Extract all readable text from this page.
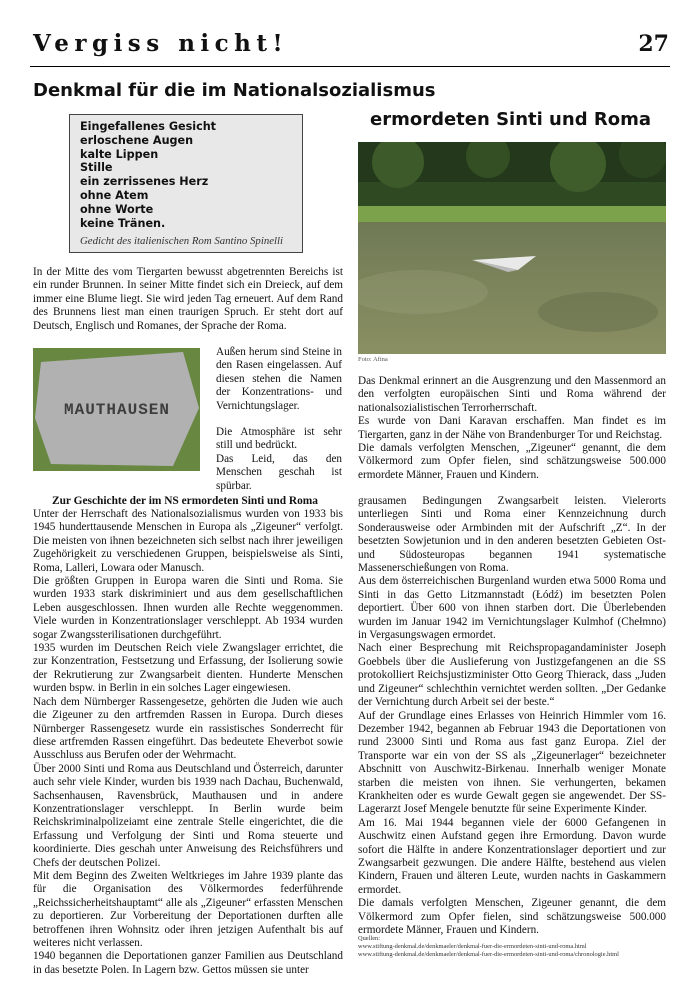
Vergiss nicht!	27
Denkmal für die im Nationalsozialismus
ermordeten Sinti und Roma
Eingefallenes Gesicht
erloschene Augen
kalte Lippen
Stille
ein zerrissenes Herz
ohne Atem
ohne Worte
keine Tränen.
Gedicht des italienischen Rom Santino Spinelli
In der Mitte des vom Tiergarten bewusst abgetrennten Bereichs ist ein runder Brunnen. In seiner Mitte findet sich ein Dreieck, auf dem immer eine Blume liegt. Sie wird jeden Tag erneuert. Auf dem Rand des Brunnens liest man einen traurigen Spruch. Er steht dort auf Deutsch, Englisch und Romanes, der Sprache der Roma.
MAUTHAUSEN

Außen herum sind Steine in den Rasen eingelassen. Auf diesen stehen die Namen der Konzentrations- und Vernichtungslager.

Die Atmosphäre ist sehr still und bedrückt.

Das Leid, das den Menschen geschah ist spürbar.

Foto: Afina

Das Denkmal erinnert an die Ausgrenzung und den Massenmord an den verfolgten europäischen Sinti und Roma während der nationalsozialistischen Terrorherrschaft.

Es wurde von Dani Karavan erschaffen. Man findet es im Tiergarten, ganz in der Nähe von Brandenburger Tor und Reichstag.

Die damals verfolgten Menschen, „Zigeuner“ genannt, die dem Völkermord zum Opfer fielen, sind schätzungsweise 500.000 ermordete Männer, Frauen und Kindern.

Zur Geschichte der im NS ermordeten Sinti und Roma

Unter der Herrschaft des Nationalsozialismus wurden von 1933 bis 1945 hunderttausende Menschen in Europa als „Zigeuner“ verfolgt. Die meisten von ihnen bezeichneten sich selbst nach ihrer jeweiligen Zugehörigkeit zu verschiedenen Gruppen, beispielsweise als Sinti, Roma, Lalleri, Lowara oder Manusch.

Die größten Gruppen in Europa waren die Sinti und Roma. Sie wurden 1933 stark diskriminiert und aus dem gesellschaftlichen Leben ausgeschlossen. Ihnen wurden alle Rechte weggenommen. Viele wurden in Konzentrationslager verschleppt. Ab 1934 wurden sogar Zwangssterilisationen durchgeführt.

1935 wurden im Deutschen Reich viele Zwangslager errichtet, die zur Konzentration, Festsetzung und Erfassung, der Isolierung sowie der Rekrutierung zur Zwangsarbeit dienten. Hunderte Menschen wurden bspw. in Berlin in ein solches Lager eingewiesen.

Nach dem Nürnberger Rassengesetze, gehörten die Juden wie auch die Zigeuner zu den artfremden Rassen in Europa. Durch dieses Nürnberger Rassengesetz wurde ein rassistisches Sonderrecht für diese artfremden Rassen eingeführt. Das bedeutete Eheverbot sowie Ausschluss aus Berufen oder der Wehrmacht.

Über 2000 Sinti und Roma aus Deutschland und Österreich, darunter auch sehr viele Kinder, wurden bis 1939 nach Dachau, Buchenwald, Sachsenhausen, Ravensbrück, Mauthausen und in andere Konzentrationslager verschleppt. In Berlin wurde beim Reichskriminalpolizeiamt eine zentrale Stelle eingerichtet, die die Erfassung und Verfolgung der Sinti und Roma steuerte und koordinierte. Dies geschah unter Anweisung des Reichsführers und Chefs der deutschen Polizei.

Mit dem Beginn des Zweiten Weltkrieges im Jahre 1939 plante das für die Organisation des Völkermordes federführende „Reichssicherheitshauptamt“ alle als „Zigeuner“ erfassten Menschen zu deportieren. Zur Vorbereitung der Deportationen durften alle betroffenen ihren Wohnsitz oder ihren jetzigen Aufenthalt bis auf weiteres nicht verlassen.

1940 begannen die Deportationen ganzer Familien aus Deutschland in das besetzte Polen. In Lagern bzw. Gettos müssen sie unter

grausamen Bedingungen Zwangsarbeit leisten. Vielerorts unterliegen Sinti und Roma einer Kennzeichnung durch Sonderausweise oder Armbinden mit der Aufschrift „Z“. In der besetzten Sowjetunion und in den anderen besetzten Gebieten Ost- und Südosteuropas begannen 1941 systematische Massenerschießungen von Roma.

Aus dem österreichischen Burgenland wurden etwa 5000 Roma und Sinti in das Getto Litzmannstadt (Łódź) im besetzten Polen deportiert. Über 600 von ihnen starben dort. Die Überlebenden wurden im Januar 1942 im Vernichtungslager Kulmhof (Chełmno) in Vergasungswagen ermordet.

Nach einer Besprechung mit Reichspropagandaminister Joseph Goebbels über die Auslieferung von Justizgefangenen an die SS protokolliert Reichsjustizminister Otto Georg Thierack, dass „Juden und Zigeuner“ schlechthin vernichtet werden sollten. „Der Gedanke der Vernichtung durch Arbeit sei der beste.“

Auf der Grundlage eines Erlasses von Heinrich Himmler vom 16. Dezember 1942, begannen ab Februar 1943 die Deportationen von rund 23000 Sinti und Roma aus fast ganz Europa. Ziel der Transporte war ein von der SS als „Zigeunerlager“ bezeichneter Abschnitt von Auschwitz-Birkenau. Innerhalb weniger Monate starben die meisten von ihnen. Sie verhungerten, bekamen Krankheiten oder es wurde Gewalt gegen sie angewendet. Der SS-Lagerarzt Josef Mengele benutzte für seine Experimente Kinder.

Am 16. Mai 1944 begannen viele der 6000 Gefangenen in Auschwitz einen Aufstand gegen ihre Ermordung. Davon wurde sofort die Hälfte in andere Konzentrationslager deportiert und zur Zwangsarbeit gezwungen. Die andere Hälfte, bestehend aus vielen Kindern, Frauen und älteren Leute, wurden nachts in Gaskammern ermordet.

Die damals verfolgten Menschen, Zigeuner genannt, die dem Völkermord zum Opfer fielen, sind schätzungsweise 500.000 ermordete Männer, Frauen und Kindern.

Quellen:
www.stiftung-denkmal.de/denkmaeler/denkmal-fuer-die-ermordeten-sinti-und-roma.html
www.stiftung-denkmal.de/denkmaeler/denkmal-fuer-die-ermordeten-sinti-und-roma/chronologie.html
